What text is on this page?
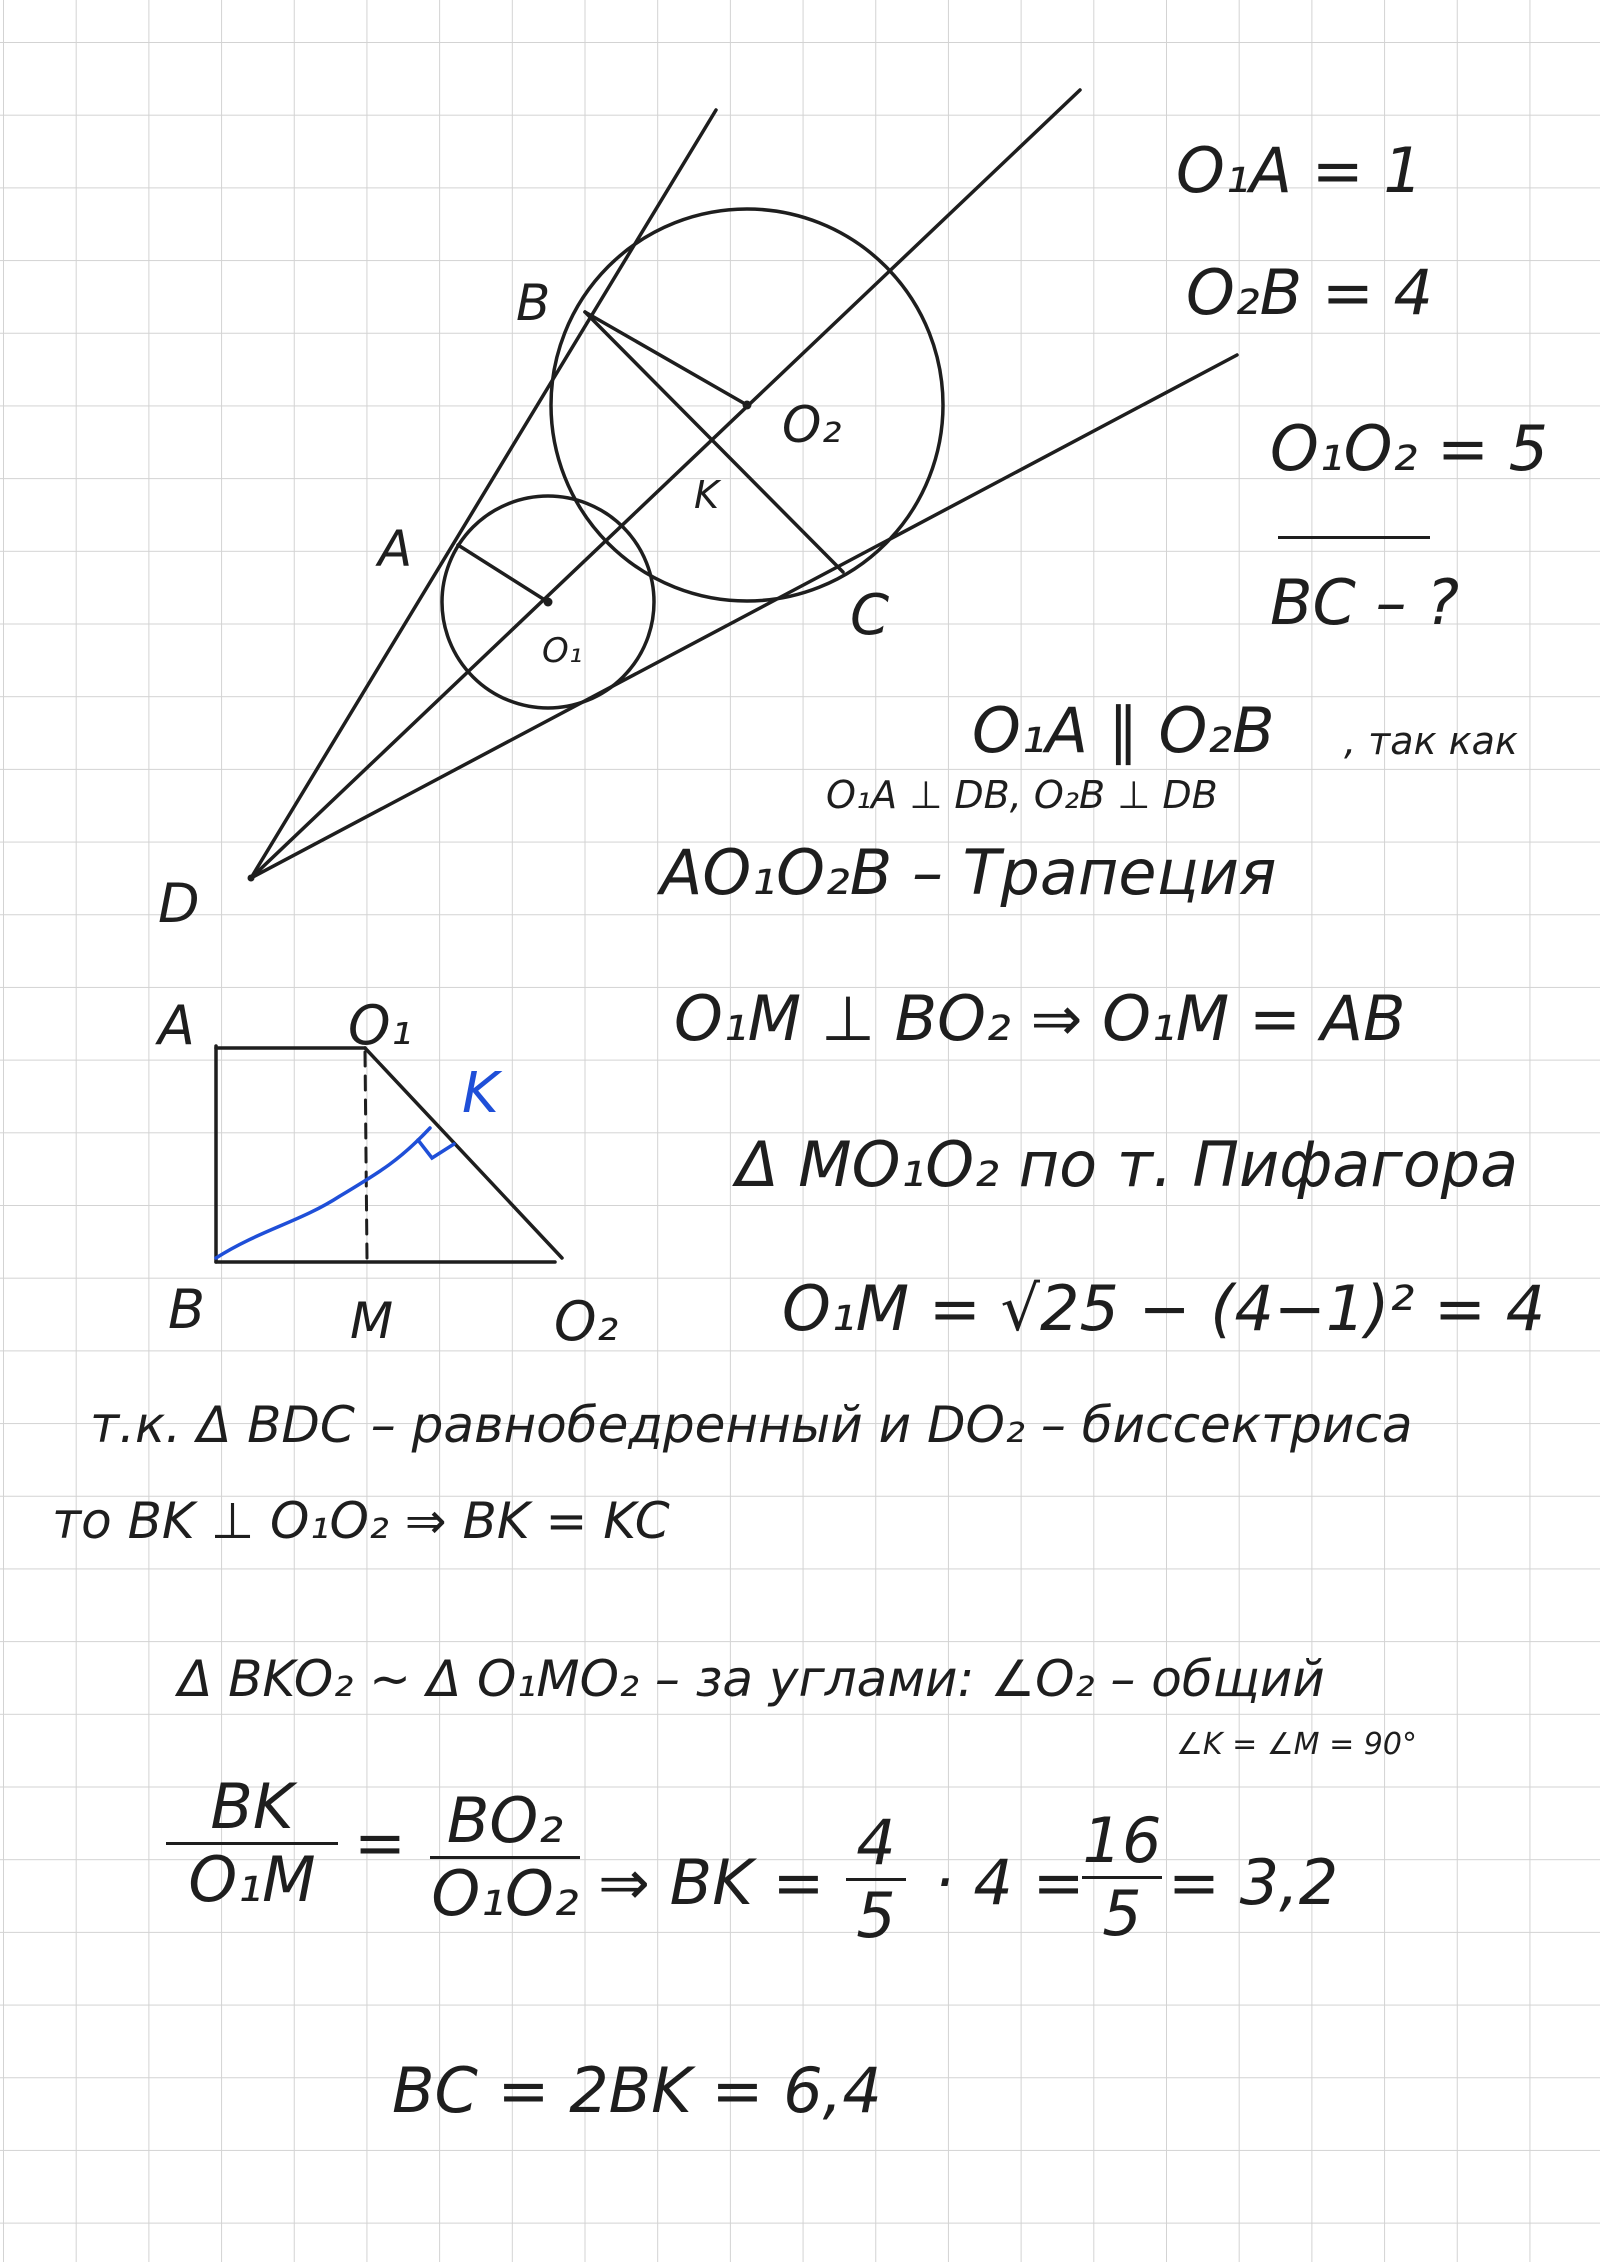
B
A
O₂
K
C
O₁
D
A	O₁
K
B	M	O₂
O₁A = 1
O₂B = 4
O₁O₂ = 5
BC – ?
O₁A ∥ O₂B , так как
O₁A ⊥ DB, O₂B ⊥ DB
AO₁O₂B – Трапеция
O₁M ⊥ BO₂ ⇒ O₁M = AB
Δ MO₁O₂ по т. Пифагора
O₁M = √25 − (4−1)² = 4
т.к. Δ BDC – равнобедренный и DO₂ – биссектриса
то BK ⊥ O₁O₂ ⇒ BK = KC
Δ BKO₂ ∼ Δ O₁MO₂ – за углами: ∠O₂ – общий
∠K = ∠M = 90°
BK
O₁M
= BO₂
O₁O₂ ⇒ BK =
4
5 · 4 =
16
5 = 3,2
BC = 2BK = 6,4
